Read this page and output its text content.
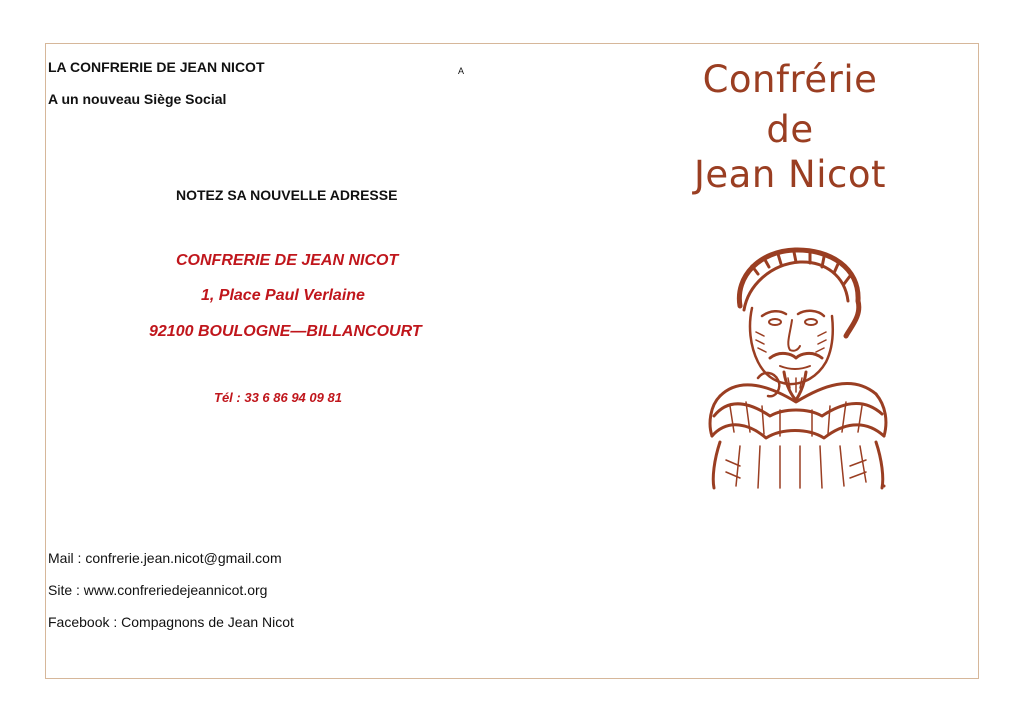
LA CONFRERIE DE JEAN NICOT

A un nouveau Siège Social

A

NOTEZ SA NOUVELLE ADRESSE

CONFRERIE DE JEAN NICOT

1, Place Paul Verlaine

92100 BOULOGNE—BILLANCOURT

Tél : 33 6 86 94 09 81

Mail : confrerie.jean.nicot@gmail.com

Site : www.confreriedejeannicot.org

Facebook : Compagnons de Jean Nicot

Confrérie
de
Jean Nicot
